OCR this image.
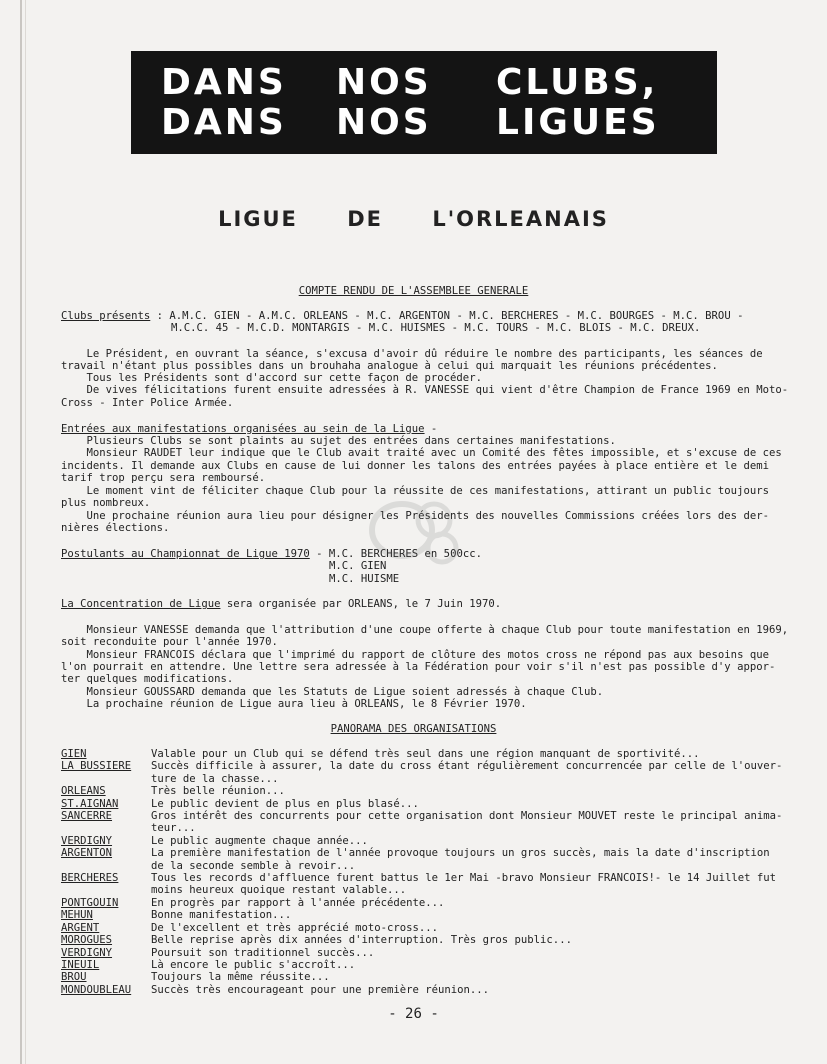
DANS	NOS	CLUBS,
DANS	NOS	LIGUES
LIGUE DE L'ORLEANAIS
COMPTE RENDU DE L'ASSEMBLEE GENERALE
Clubs présents : A.M.C. GIEN - A.M.C. ORLEANS - M.C. ARGENTON - M.C. BERCHERES - M.C. BOURGES - M.C. BROU -
M.C.C. 45 - M.C.D. MONTARGIS - M.C. HUISMES - M.C. TOURS - M.C. BLOIS - M.C. DREUX.
Le Président, en ouvrant la séance, s'excusa d'avoir dû réduire le nombre des participants, les séances de
travail n'étant plus possibles dans un brouhaha analogue à celui qui marquait les réunions précédentes.
Tous les Présidents sont d'accord sur cette façon de procéder.
De vives félicitations furent ensuite adressées à R. VANESSE qui vient d'être Champion de France 1969 en Moto-
Cross - Inter Police Armée.
Entrées aux manifestations organisées au sein de la Ligue -
Plusieurs Clubs se sont plaints au sujet des entrées dans certaines manifestations.
Monsieur RAUDET leur indique que le Club avait traité avec un Comité des fêtes impossible, et s'excuse de ces
incidents. Il demande aux Clubs en cause de lui donner les talons des entrées payées à place entière et le demi
tarif trop perçu sera remboursé.
Le moment vint de féliciter chaque Club pour la réussite de ces manifestations, attirant un public toujours
plus nombreux.
Une prochaine réunion aura lieu pour désigner les Présidents des nouvelles Commissions créées lors des der-
nières élections.
Postulants au Championnat de Ligue 1970 - M.C. BERCHERES en 500cc.
M.C. GIEN
M.C. HUISME
La Concentration de Ligue sera organisée par ORLEANS, le 7 Juin 1970.
Monsieur VANESSE demanda que l'attribution d'une coupe offerte à chaque Club pour toute manifestation en 1969,
soit reconduite pour l'année 1970.
Monsieur FRANCOIS déclara que l'imprimé du rapport de clôture des motos cross ne répond pas aux besoins que
l'on pourrait en attendre. Une lettre sera adressée à la Fédération pour voir s'il n'est pas possible d'y appor-
ter quelques modifications.
Monsieur GOUSSARD demanda que les Statuts de Ligue soient adressés à chaque Club.
La prochaine réunion de Ligue aura lieu à ORLEANS, le 8 Février 1970.
PANORAMA DES ORGANISATIONS
GIEN	Valable pour un Club qui se défend très seul dans une région manquant de sportivité...
LA BUSSIERE	Succès difficile à assurer, la date du cross étant régulièrement concurrencée par celle de l'ouver-
ture de la chasse...
ORLEANS	Très belle réunion...
ST.AIGNAN	Le public devient de plus en plus blasé...
SANCERRE	Gros intérêt des concurrents pour cette organisation dont Monsieur MOUVET reste le principal anima-
teur...
VERDIGNY	Le public augmente chaque année...
ARGENTON	La première manifestation de l'année provoque toujours un gros succès, mais la date d'inscription
de la seconde semble à revoir...
BERCHERES	Tous les records d'affluence furent battus le 1er Mai -bravo Monsieur FRANCOIS!- le 14 Juillet fut
moins heureux quoique restant valable...
PONTGOUIN	En progrès par rapport à l'année précédente...
MEHUN	Bonne manifestation...
ARGENT	De l'excellent et très apprécié moto-cross...
MOROGUES	Belle reprise après dix années d'interruption. Très gros public...
VERDIGNY	Poursuit son traditionnel succès...
INEUIL	Là encore le public s'accroît...
BROU	Toujours la même réussite...
MONDOUBLEAU	Succès très encourageant pour une première réunion...
- 26 -
